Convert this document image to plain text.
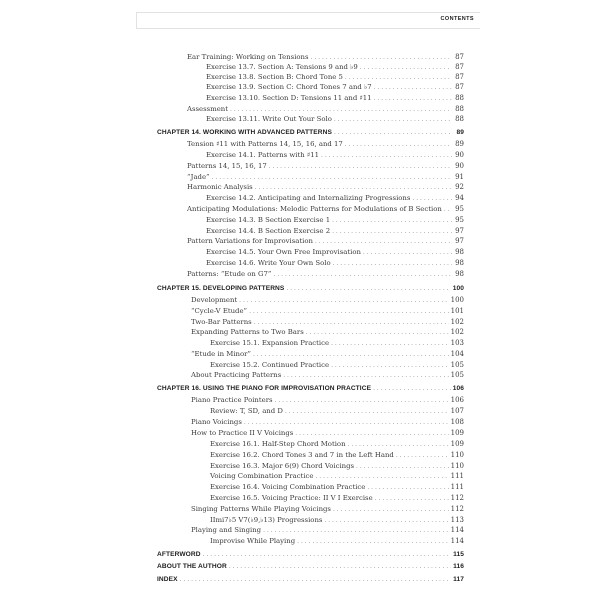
CONTENTS
Ear Training: Working on Tensions . . .	87
Exercise 13.7. Section A: Tensions 9 and ♭9 . . .	87
Exercise 13.8. Section B: Chord Tone 5 . . .	87
Exercise 13.9. Section C: Chord Tones 7 and ♭7 . . .	87
Exercise 13.10. Section D: Tensions 11 and ♯11 . . .	88
Assessment . . .	88
Exercise 13.11. Write Out Your Solo . . .	88
CHAPTER 14. WORKING WITH ADVANCED PATTERNS . . .	89
Tension ♯11 with Patterns 14, 15, 16, and 17 . . .	89
Exercise 14.1. Patterns with ♯11 . . .	90
Patterns 14, 15, 16, 17 . . .	90
“Jade” . . .	91
Harmonic Analysis . . .	92
Exercise 14.2. Anticipating and Internalizing Progressions . . .	94
Anticipating Modulations: Melodic Patterns for Modulations of B Section . . . 95
Exercise 14.3. B Section Exercise 1 . . .	95
Exercise 14.4. B Section Exercise 2 . . .	97
Pattern Variations for Improvisation . . .	97
Exercise 14.5. Your Own Free Improvisation . . .	98
Exercise 14.6. Write Your Own Solo . . .	98
Patterns: “Etude on G7” . . .	98
CHAPTER 15. DEVELOPING PATTERNS . . .	100
Development . . .	100
“Cycle-V Etude” . . .	101
Two-Bar Patterns . . .	102
Expanding Patterns to Two Bars . . .	102
Exercise 15.1. Expansion Practice . . .	103
“Etude in Minor” . . .	104
Exercise 15.2. Continued Practice . . .	105
About Practicing Patterns . . .	105
CHAPTER 16. USING THE PIANO FOR IMPROVISATION PRACTICE . . .	106
Piano Practice Pointers . . .	106
Review: T, SD, and D . . .	107
Piano Voicings . . .	108
How to Practice II V Voicings . . .	109
Exercise 16.1. Half-Step Chord Motion . . .	109
Exercise 16.2. Chord Tones 3 and 7 in the Left Hand . . .	110
Exercise 16.3. Major 6(9) Chord Voicings . . .	110
Voicing Combination Practice . . .	111
Exercise 16.4. Voicing Combination Practice . . .	111
Exercise 16.5. Voicing Practice: II V I Exercise . . .	112
Singing Patterns While Playing Voicings . . .	112
IImi7♭5 V7(♭9,♭13) Progressions . . .	113
Playing and Singing . . .	114
Improvise While Playing . . .	114
AFTERWORD . . .	115
ABOUT THE AUTHOR . . .	116
INDEX . . .	117
